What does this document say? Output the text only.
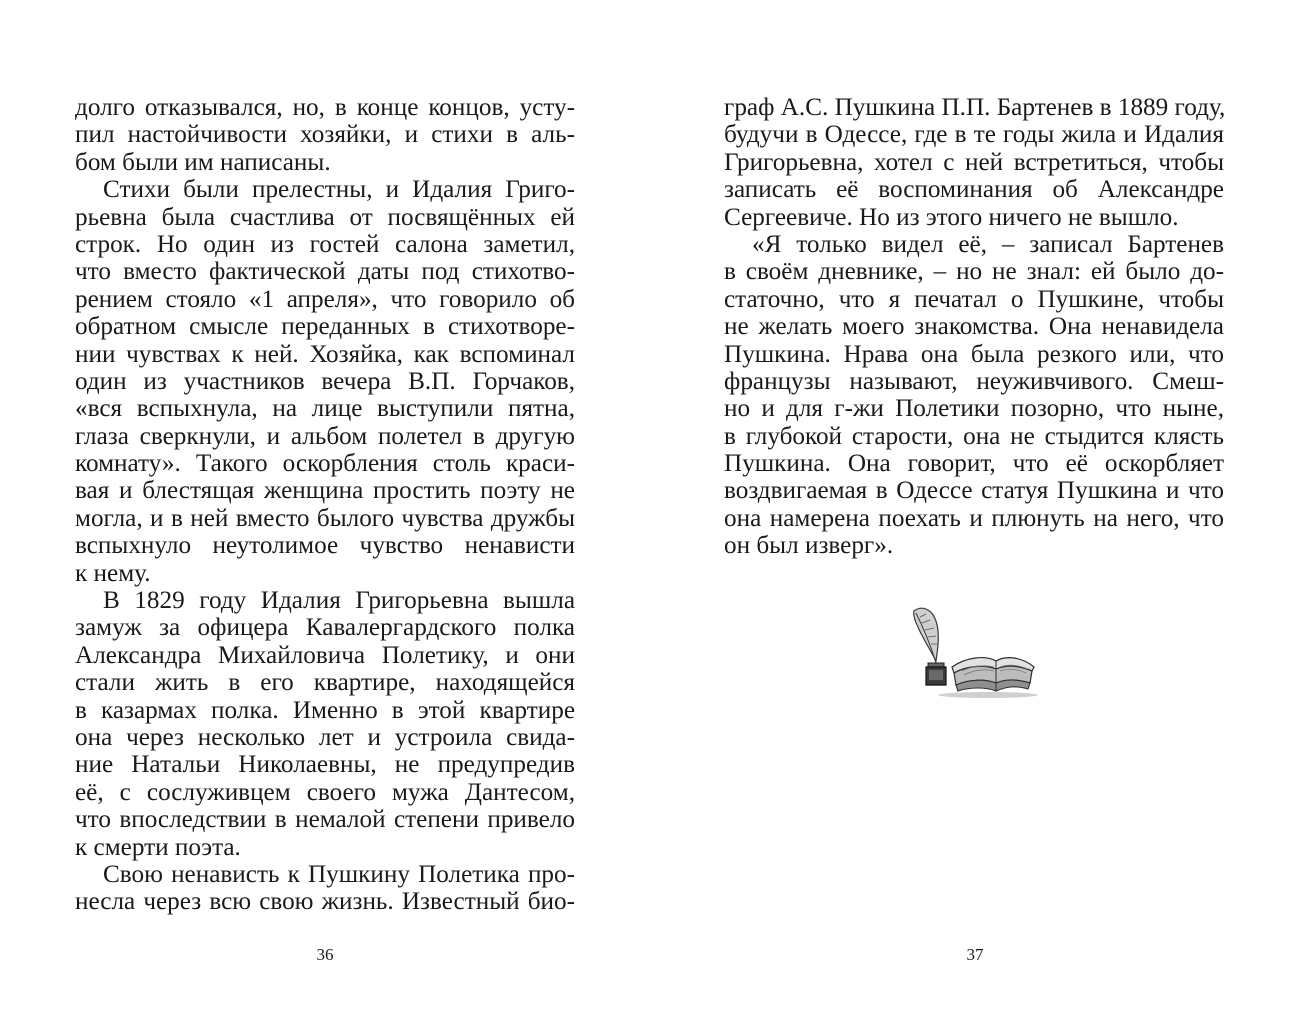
долго отказывался, но, в конце концов, усту-
пил настойчивости хозяйки, и стихи в аль-
бом были им написаны.
Стихи были прелестны, и Идалия Григо-
рьевна была счастлива от посвящённых ей
строк. Но один из гостей салона заметил,
что вместо фактической даты под стихотво-
рением стояло «1 апреля», что говорило об
обратном смысле переданных в стихотворе-
нии чувствах к ней. Хозяйка, как вспоминал
один из участников вечера В.П. Горчаков,
«вся вспыхнула, на лице выступили пятна,
глаза сверкнули, и альбом полетел в другую
комнату». Такого оскорбления столь краси-
вая и блестящая женщина простить поэту не
могла, и в ней вместо былого чувства дружбы
вспыхнуло неутолимое чувство ненависти
к нему.
В 1829 году Идалия Григорьевна вышла
замуж за офицера Кавалергардского полка
Александра Михайловича Полетику, и они
стали жить в его квартире, находящейся
в казармах полка. Именно в этой квартире
она через несколько лет и устроила свида-
ние Натальи Николаевны, не предупредив
её, с сослуживцем своего мужа Дантесом,
что впоследствии в немалой степени привело
к смерти поэта.
Свою ненависть к Пушкину Полетика про-
несла через всю свою жизнь. Известный био-
36
граф А.С. Пушкина П.П. Бартенев в 1889 году,
будучи в Одессе, где в те годы жила и Идалия
Григорьевна, хотел с ней встретиться, чтобы
записать её воспоминания об Александре
Сергеевиче. Но из этого ничего не вышло.
«Я только видел её, – записал Бартенев
в своём дневнике, – но не знал: ей было до-
статочно, что я печатал о Пушкине, чтобы
не желать моего знакомства. Она ненавидела
Пушкина. Нрава она была резкого или, что
французы называют, неуживчивого. Смеш-
но и для г-жи Полетики позорно, что ныне,
в глубокой старости, она не стыдится клясть
Пушкина. Она говорит, что её оскорбляет
воздвигаемая в Одессе статуя Пушкина и что
она намерена поехать и плюнуть на него, что
он был изверг».
37
